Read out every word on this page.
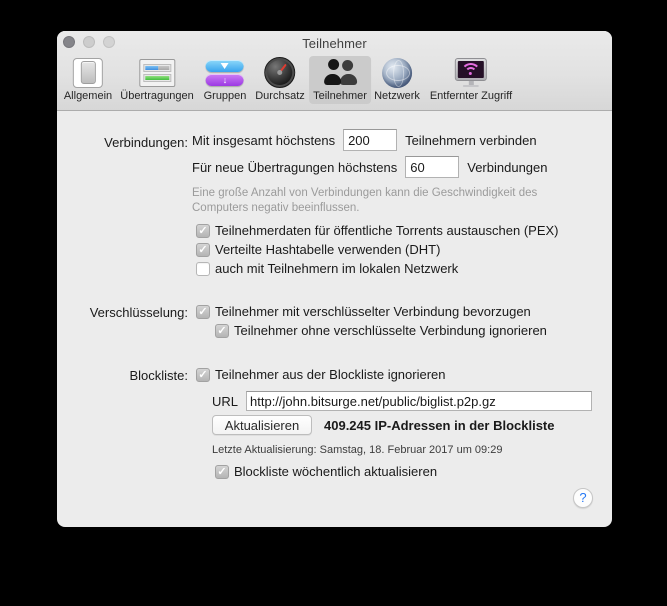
Teilnehmer
Allgemein Übertragungen
↓
Gruppen Durchsatz Teilnehmer Netzwerk Entfernter Zugriff
Verbindungen: Mit insgesamt höchstens
200	Teilnehmern verbinden
Für neue Übertragungen höchstens
60	Verbindungen
Eine große Anzahl von Verbindungen kann die Geschwindigkeit des
Computers negativ beeinflussen.
✓
Teilnehmerdaten für öffentliche Torrents austauschen (PEX)
✓
Verteilte Hashtabelle verwenden (DHT)
auch mit Teilnehmern im lokalen Netzwerk
Verschlüsselung: ✓ Teilnehmer mit verschlüsselter Verbindung bevorzugen
✓
Teilnehmer ohne verschlüsselte Verbindung ignorieren
Blockliste: ✓ Teilnehmer aus der Blockliste ignorieren
URL
http://john.bitsurge.net/public/biglist.p2p.gz
Aktualisieren	409.245 IP-Adressen in der Blockliste
Letzte Aktualisierung: Samstag, 18. Februar 2017 um 09:29
✓
Blockliste wöchentlich aktualisieren
?
